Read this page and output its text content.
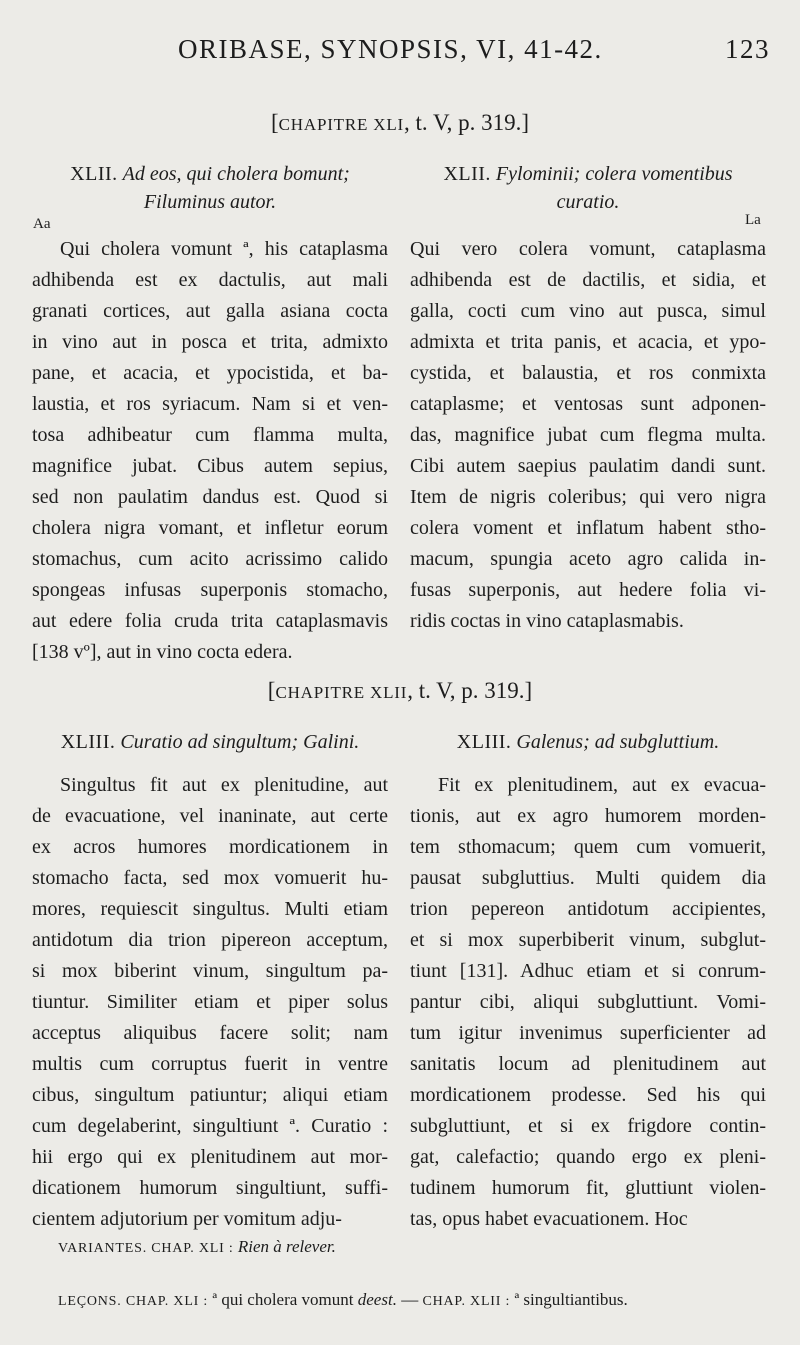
ORIBASE, SYNOPSIS, VI, 41-42.	123
[CHAPITRE XLI, t. V, p. 319.]
XLII. Ad eos, qui cholera bomunt;
Filuminus autor.
Qui cholera vomunt ª, his cataplasma
adhibenda est ex dactulis, aut mali
granati cortices, aut galla asiana cocta
in vino aut in posca et trita, admixto
pane, et acacia, et ypocistida, et ba-
laustia, et ros syriacum. Nam si et ven-
tosa adhibeatur cum flamma multa,
magnifice jubat. Cibus autem sepius,
sed non paulatim dandus est. Quod si
cholera nigra vomant, et infletur eorum
stomachus, cum acito acrissimo calido
spongeas infusas superponis stomacho,
aut edere folia cruda trita cataplasmavis
[138 vº], aut in vino cocta edera.
Aa
XLII. Fylominii; colera vomentibus
curatio.
Qui vero colera vomunt, cataplasma
adhibenda est de dactilis, et sidia, et
galla, cocti cum vino aut pusca, simul
admixta et trita panis, et acacia, et ypo-
cystida, et balaustia, et ros conmixta
cataplasme; et ventosas sunt adponen-
das, magnifice jubat cum flegma multa.
Cibi autem saepius paulatim dandi sunt.
Item de nigris coleribus; qui vero nigra
colera voment et inflatum habent stho-
macum, spungia aceto agro calida in-
fusas superponis, aut hedere folia vi-
ridis coctas in vino cataplasmabis.
La
[CHAPITRE XLII, t. V, p. 319.]
XLIII. Curatio ad singultum; Galini.
Singultus fit aut ex plenitudine, aut
de evacuatione, vel inaninate, aut certe
ex acros humores mordicationem in
stomacho facta, sed mox vomuerit hu-
mores, requiescit singultus. Multi etiam
antidotum dia trion pipereon acceptum,
si mox biberint vinum, singultum pa-
tiuntur. Similiter etiam et piper solus
acceptus aliquibus facere solit; nam
multis cum corruptus fuerit in ventre
cibus, singultum patiuntur; aliqui etiam
cum degelaberint, singultiunt ª. Curatio :
hii ergo qui ex plenitudinem aut mor-
dicationem humorum singultiunt, suffi-
cientem adjutorium per vomitum adju-
XLIII. Galenus; ad subgluttium.
Fit ex plenitudinem, aut ex evacua-
tionis, aut ex agro humorem morden-
tem sthomacum; quem cum vomuerit,
pausat subgluttius. Multi quidem dia
trion pepereon antidotum accipientes,
et si mox superbiberit vinum, subglut-
tiunt [131]. Adhuc etiam et si conrum-
pantur cibi, aliqui subgluttiunt. Vomi-
tum igitur invenimus superficienter ad
sanitatis locum ad plenitudinem aut
mordicationem prodesse. Sed his qui
subgluttiunt, et si ex frigdore contin-
gat, calefactio; quando ergo ex pleni-
tudinem humorum fit, gluttiunt violen-
tas, opus habet evacuationem. Hoc
VARIANTES. CHAP. XLI : Rien à relever.
LEÇONS. CHAP. XLI : ª qui cholera vomunt deest. — CHAP. XLII : ª singultiantibus.
